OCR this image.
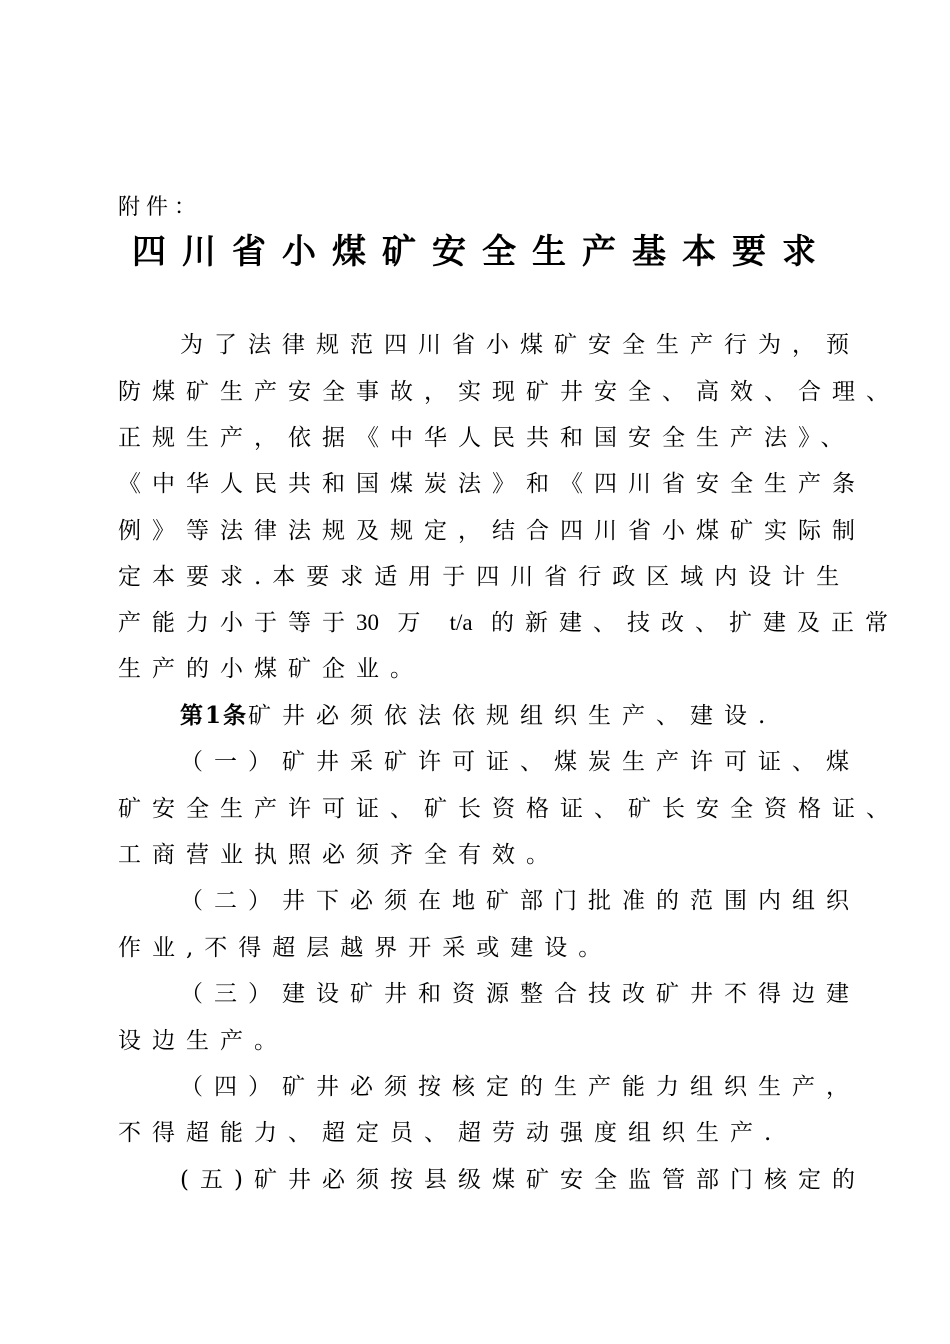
附件：
四川省小煤矿安全生产基本要求
为了法律规范四川省小煤矿安全生产行为，预
防煤矿生产安全事故，实现矿井安全、高效、合理、
正规生产，依据《中华人民共和国安全生产法》、
《中华人民共和国煤炭法》和《四川省安全生产条
例》等法律法规及规定，结合四川省小煤矿实际制
定本要求.本要求适用于四川省行政区域内设计生
产能力小于等于30 万 t/a 的新建、技改、扩建及正常
生产的小煤矿企业。
第1条矿井必须依法依规组织生产、建设.
（一）矿井采矿许可证、煤炭生产许可证、煤
矿安全生产许可证、矿长资格证、矿长安全资格证、
工商营业执照必须齐全有效。
（二）井下必须在地矿部门批准的范围内组织
作业,不得超层越界开采或建设。
（三）建设矿井和资源整合技改矿井不得边建
设边生产。
（四）矿井必须按核定的生产能力组织生产，
不得超能力、超定员、超劳动强度组织生产.
(五)矿井必须按县级煤矿安全监管部门核定的
